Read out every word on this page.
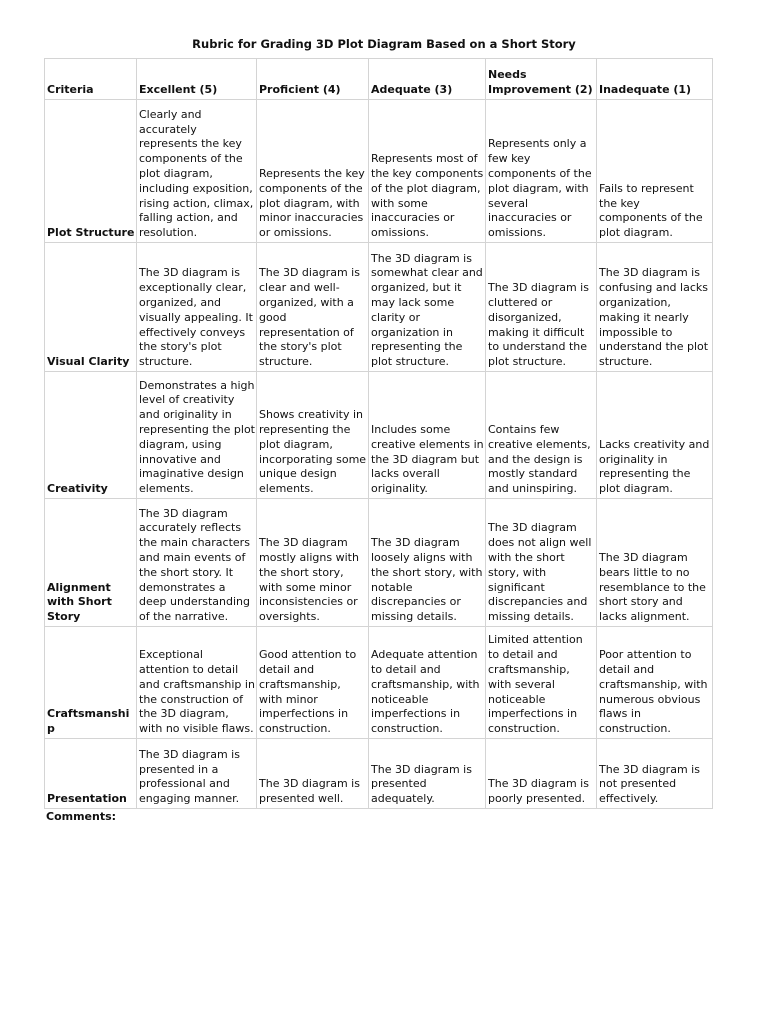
Rubric for Grading 3D Plot Diagram Based on a Short Story
Criteria	Excellent (5)	Proficient (4)	Adequate (3)	Needs Improvement (2)	Inadequate (1)
Plot Structure	Clearly and accurately represents the key components of the plot diagram, including exposition, rising action, climax, falling action, and resolution.	Represents the key components of the plot diagram, with minor inaccuracies or omissions.	Represents most of the key components of the plot diagram, with some inaccuracies or omissions.	Represents only a few key components of the plot diagram, with several inaccuracies or omissions.	Fails to represent the key components of the plot diagram.
Visual Clarity	The 3D diagram is exceptionally clear, organized, and visually appealing. It effectively conveys the story's plot structure.	The 3D diagram is clear and well-organized, with a good representation of the story's plot structure.	The 3D diagram is somewhat clear and organized, but it may lack some clarity or organization in representing the plot structure.	The 3D diagram is cluttered or disorganized, making it difficult to understand the plot structure.	The 3D diagram is confusing and lacks organization, making it nearly impossible to understand the plot structure.
Creativity	Demonstrates a high level of creativity and originality in representing the plot diagram, using innovative and imaginative design elements.	Shows creativity in representing the plot diagram, incorporating some unique design elements.	Includes some creative elements in the 3D diagram but lacks overall originality.	Contains few creative elements, and the design is mostly standard and uninspiring.	Lacks creativity and originality in representing the plot diagram.
Alignment with Short Story	The 3D diagram accurately reflects the main characters and main events of the short story. It demonstrates a deep understanding of the narrative.	The 3D diagram mostly aligns with the short story, with some minor inconsistencies or oversights.	The 3D diagram loosely aligns with the short story, with notable discrepancies or missing details.	The 3D diagram does not align well with the short story, with significant discrepancies and missing details.	The 3D diagram bears little to no resemblance to the short story and lacks alignment.
Craftsmanship	Exceptional attention to detail and craftsmanship in the construction of the 3D diagram, with no visible flaws.	Good attention to detail and craftsmanship, with minor imperfections in construction.	Adequate attention to detail and craftsmanship, with noticeable imperfections in construction.	Limited attention to detail and craftsmanship, with several noticeable imperfections in construction.	Poor attention to detail and craftsmanship, with numerous obvious flaws in construction.
Presentation	The 3D diagram is presented in a professional and engaging manner.	The 3D diagram is presented well.	The 3D diagram is presented adequately.	The 3D diagram is poorly presented.	The 3D diagram is not presented effectively.

Comments:
